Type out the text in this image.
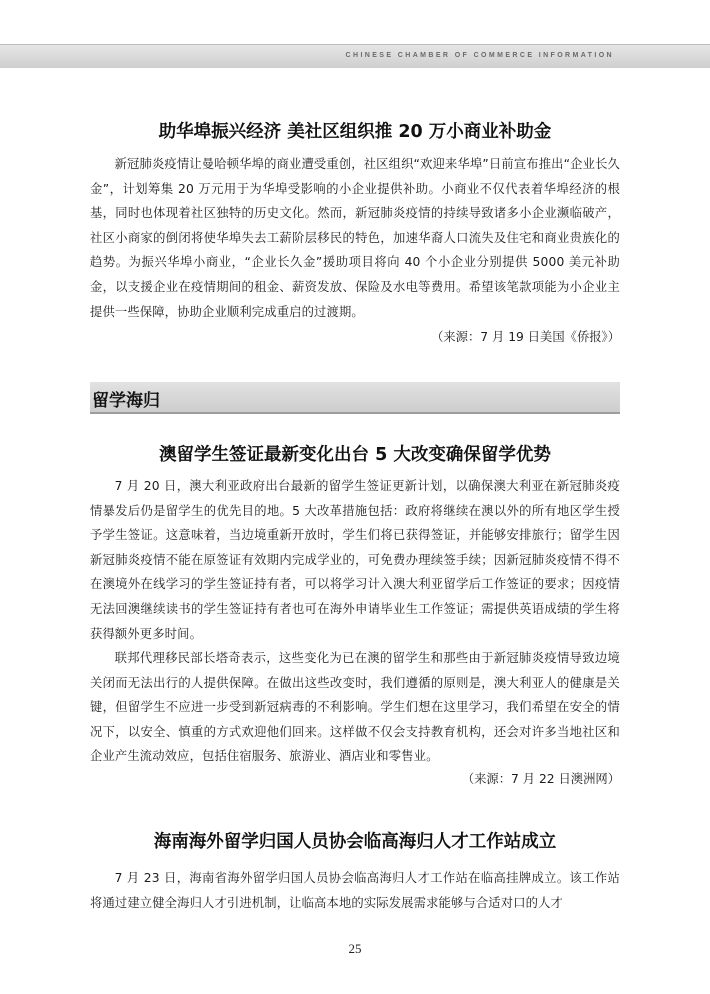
CHINESE CHAMBER OF COMMERCE INFORMATION
助华埠振兴经济 美社区组织推 20 万小商业补助金

新冠肺炎疫情让曼哈顿华埠的商业遭受重创，社区组织“欢迎来华埠”日前宣布推出“企业长久金”，计划筹集 20 万元用于为华埠受影响的小企业提供补助。小商业不仅代表着华埠经济的根基，同时也体现着社区独特的历史文化。然而，新冠肺炎疫情的持续导致诸多小企业濒临破产，社区小商家的倒闭将使华埠失去工薪阶层移民的特色，加速华裔人口流失及住宅和商业贵族化的趋势。为振兴华埠小商业，“企业长久金”援助项目将向 40 个小企业分别提供 5000 美元补助金，以支援企业在疫情期间的租金、薪资发放、保险及水电等费用。希望该笔款项能为小企业主提供一些保障，协助企业顺利完成重启的过渡期。

（来源：7 月 19 日美国《侨报》）

留学海归
澳留学生签证最新变化出台 5 大改变确保留学优势

7 月 20 日，澳大利亚政府出台最新的留学生签证更新计划，以确保澳大利亚在新冠肺炎疫情暴发后仍是留学生的优先目的地。5 大改革措施包括：政府将继续在澳以外的所有地区学生授予学生签证。这意味着，当边境重新开放时，学生们将已获得签证，并能够安排旅行；留学生因新冠肺炎疫情不能在原签证有效期内完成学业的，可免费办理续签手续；因新冠肺炎疫情不得不在澳境外在线学习的学生签证持有者，可以将学习计入澳大利亚留学后工作签证的要求；因疫情无法回澳继续读书的学生签证持有者也可在海外申请毕业生工作签证；需提供英语成绩的学生将获得额外更多时间。

联邦代理移民部长塔奇表示，这些变化为已在澳的留学生和那些由于新冠肺炎疫情导致边境关闭而无法出行的人提供保障。在做出这些改变时，我们遵循的原则是，澳大利亚人的健康是关键，但留学生不应进一步受到新冠病毒的不利影响。学生们想在这里学习，我们希望在安全的情况下，以安全、慎重的方式欢迎他们回来。这样做不仅会支持教育机构，还会对许多当地社区和企业产生流动效应，包括住宿服务、旅游业、酒店业和零售业。

（来源：7 月 22 日澳洲网）

海南海外留学归国人员协会临高海归人才工作站成立

7 月 23 日，海南省海外留学归国人员协会临高海归人才工作站在临高挂牌成立。该工作站将通过建立健全海归人才引进机制，让临高本地的实际发展需求能够与合适对口的人才

25
